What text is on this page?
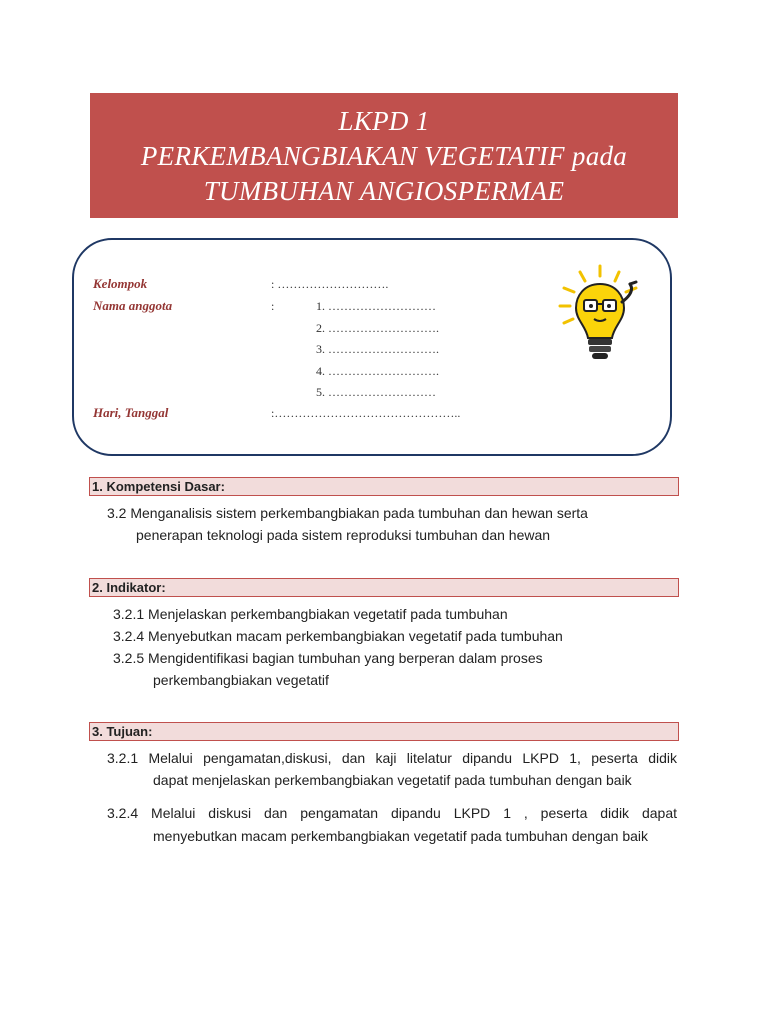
LKPD 1
PERKEMBANGBIAKAN VEGETATIF pada
TUMBUHAN ANGIOSPERMAE
Kelompok	: ……………………….
Nama anggota	:	1. ………………………
2. ……………………….
3. ……………………….
4. ……………………….
5. ………………………
Hari, Tanggal	:………………………………………..
1. Kompetensi Dasar:
3.2 Menganalisis sistem perkembangbiakan pada tumbuhan dan hewan serta
penerapan teknologi pada sistem reproduksi tumbuhan dan hewan
2. Indikator:
3.2.1 Menjelaskan perkembangbiakan vegetatif pada tumbuhan
3.2.4 Menyebutkan macam perkembangbiakan vegetatif pada tumbuhan
3.2.5 Mengidentifikasi bagian tumbuhan yang berperan dalam proses
perkembangbiakan vegetatif
3. Tujuan:
3.2.1 Melalui pengamatan,diskusi, dan kaji litelatur dipandu LKPD 1, peserta didik
dapat menjelaskan perkembangbiakan vegetatif pada tumbuhan dengan baik
3.2.4 Melalui diskusi dan pengamatan dipandu LKPD 1 , peserta didik dapat
menyebutkan macam perkembangbiakan vegetatif pada tumbuhan dengan baik
